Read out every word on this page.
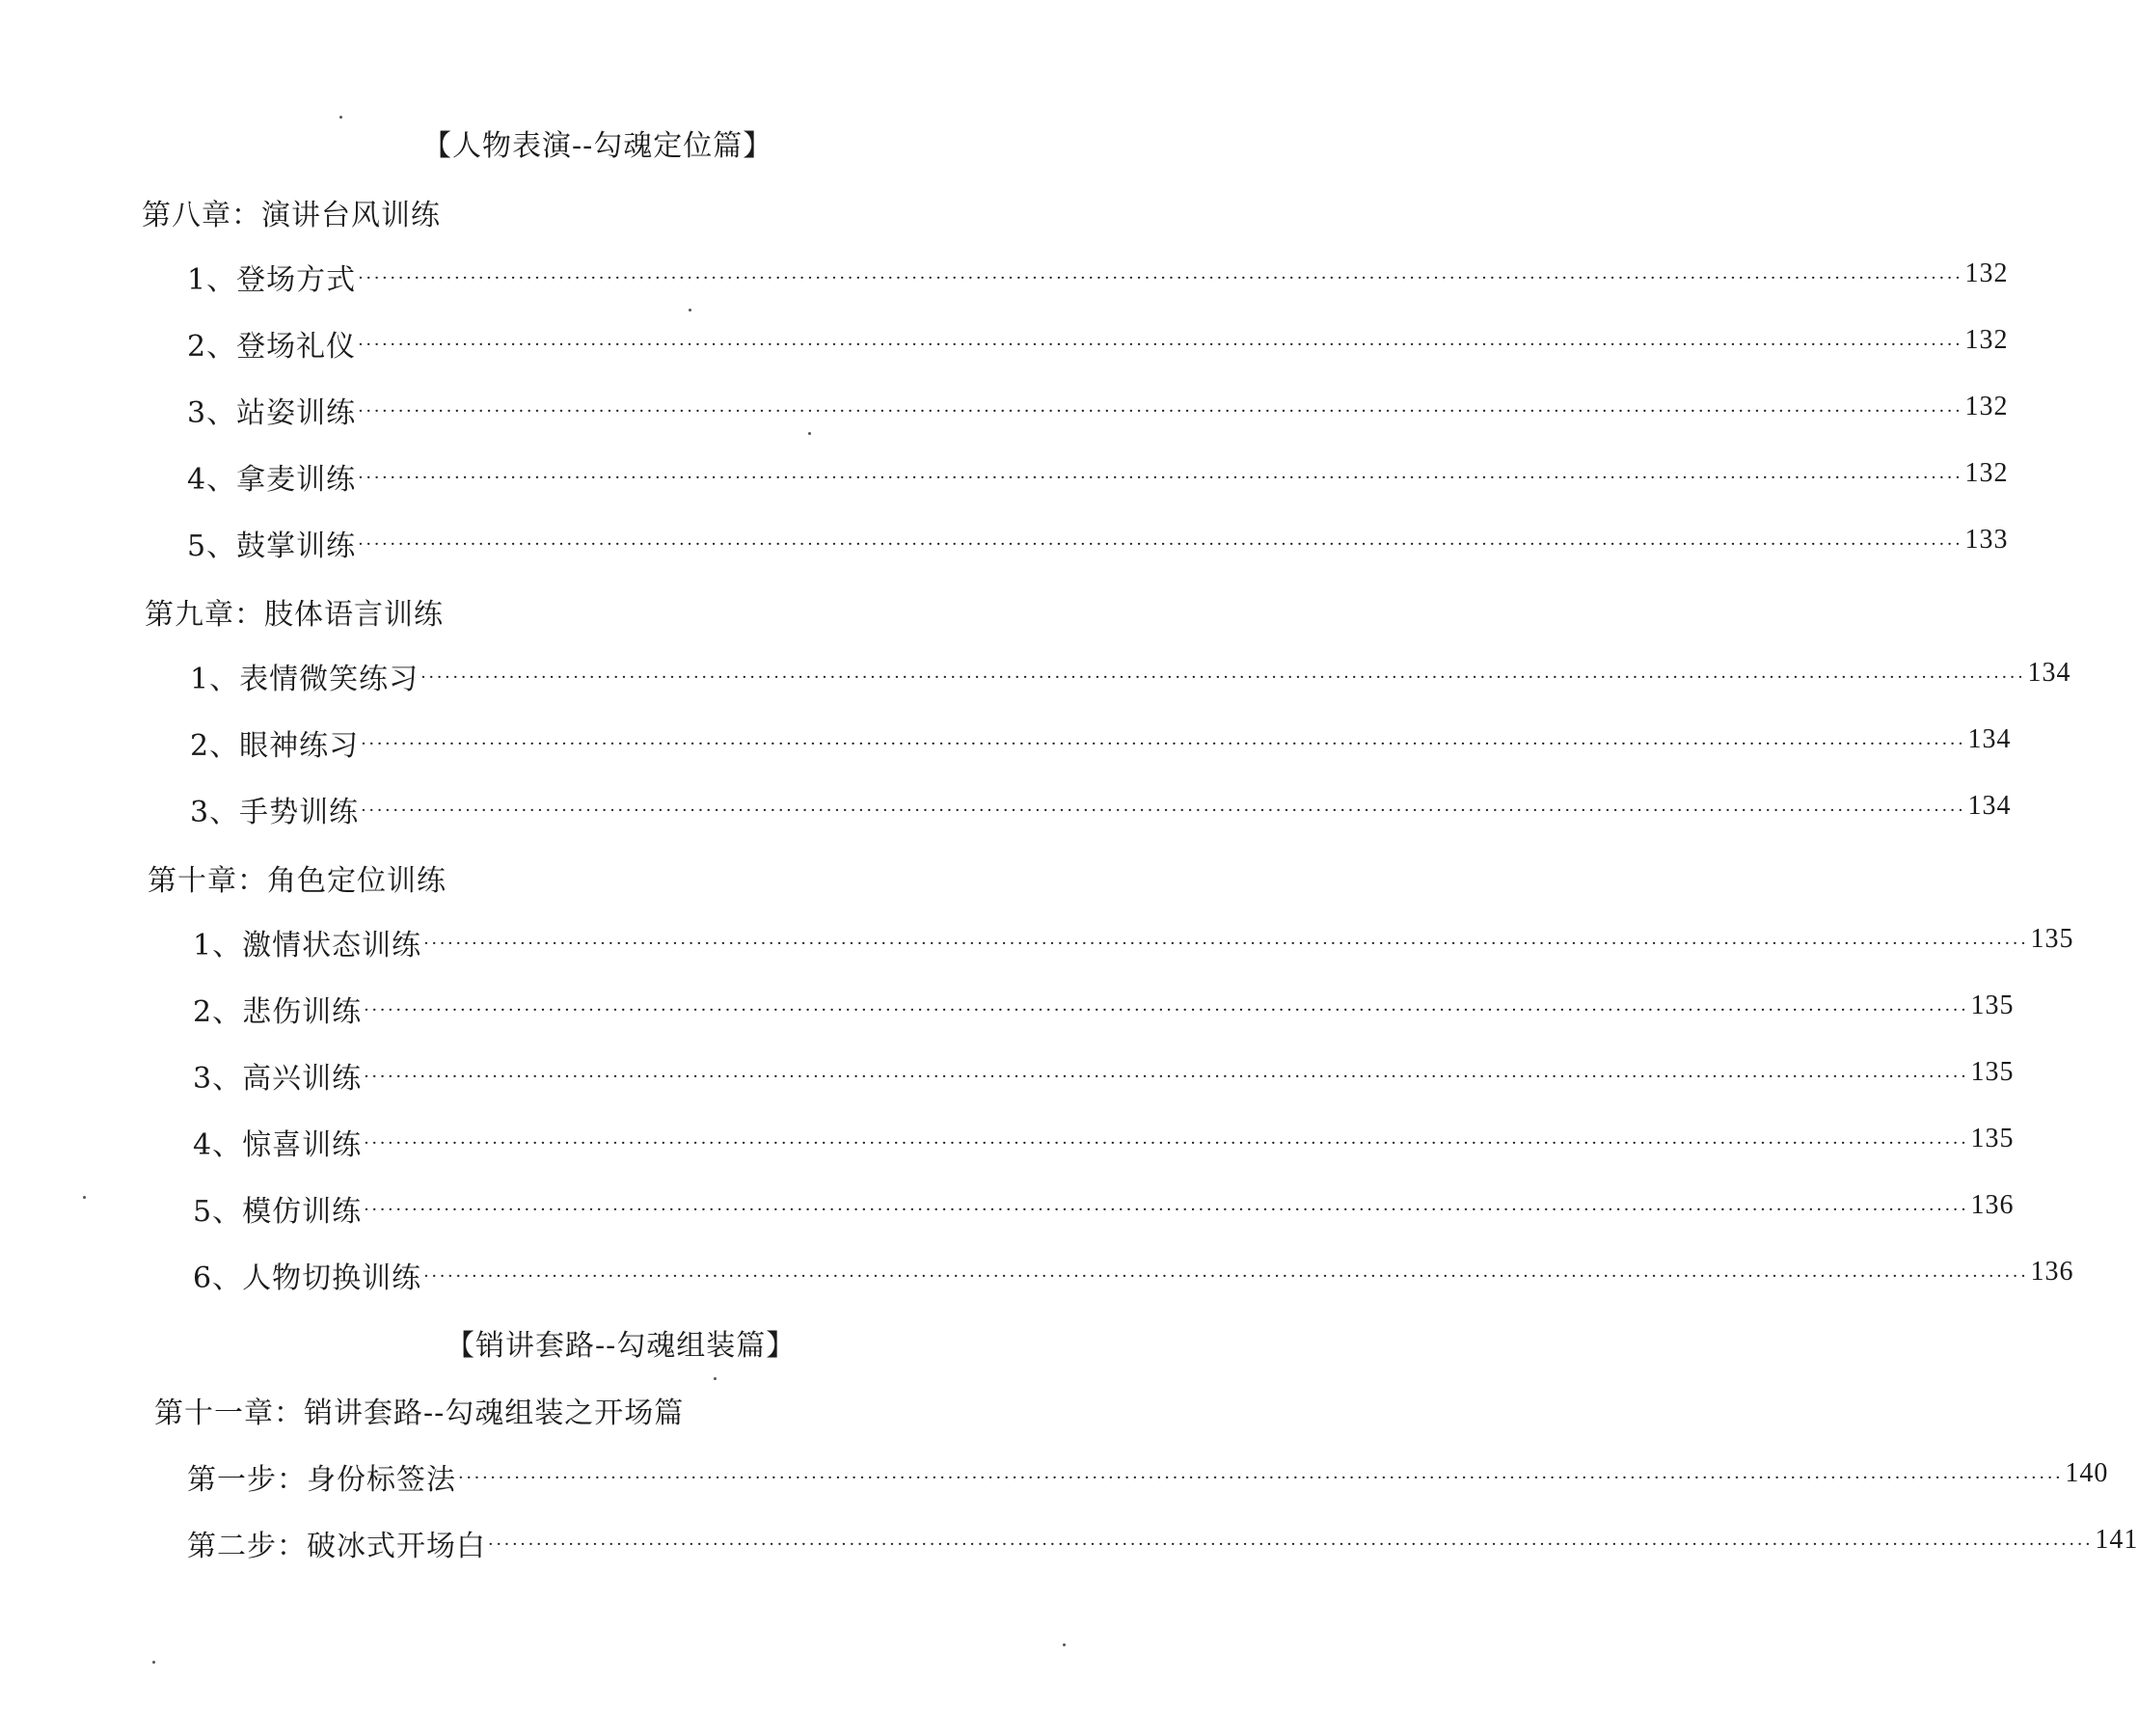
【人物表演--勾魂定位篇】
第八章：演讲台风训练
1、登场方式 ········································································································································································································ 132
2、登场礼仪 ········································································································································································································ 132
3、站姿训练 ········································································································································································································ 132
4、拿麦训练 ········································································································································································································ 132
5、鼓掌训练 ········································································································································································································ 133
第九章：肢体语言训练
1、表情微笑练习 ········································································································································································································ 134
2、眼神练习 ········································································································································································································ 134
3、手势训练 ········································································································································································································ 134
第十章：角色定位训练
1、激情状态训练 ········································································································································································································ 135
2、悲伤训练 ········································································································································································································ 135
3、高兴训练 ········································································································································································································ 135
4、惊喜训练 ········································································································································································································ 135
5、模仿训练 ········································································································································································································ 136
6、人物切换训练 ········································································································································································································ 136
【销讲套路--勾魂组装篇】
第十一章：销讲套路--勾魂组装之开场篇
第一步：身份标签法 ········································································································································································································ 140
第二步：破冰式开场白 ········································································································································································································ 141
